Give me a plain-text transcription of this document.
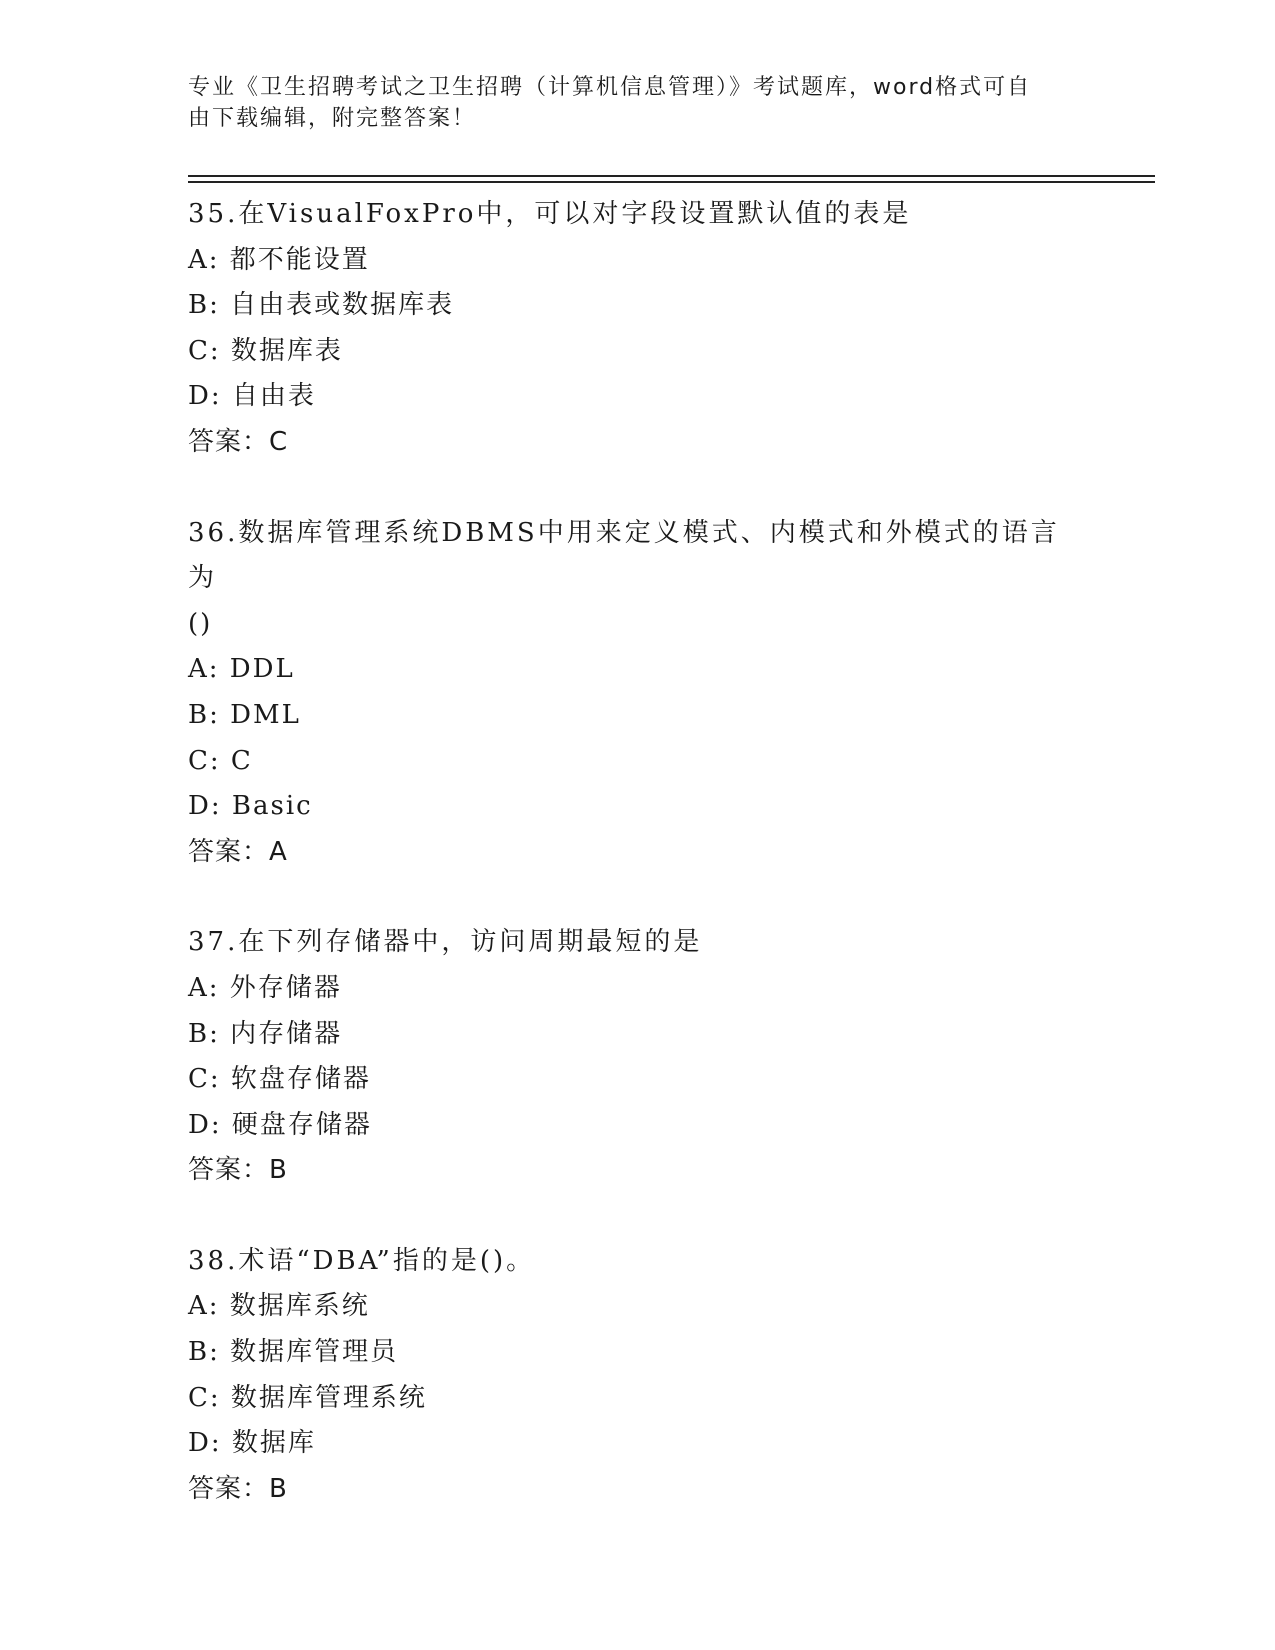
专业《卫生招聘考试之卫生招聘（计算机信息管理）》考试题库，word格式可自
由下载编辑，附完整答案！
35.在VisualFoxPro中，可以对字段设置默认值的表是
A: 都不能设置
B: 自由表或数据库表
C: 数据库表
D: 自由表
答案：C
36.数据库管理系统DBMS中用来定义模式、内模式和外模式的语言为
()
A: DDL
B: DML
C: C
D: Basic
答案：A
37.在下列存储器中，访问周期最短的是
A: 外存储器
B: 内存储器
C: 软盘存储器
D: 硬盘存储器
答案：B
38.术语“DBA”指的是()。
A: 数据库系统
B: 数据库管理员
C: 数据库管理系统
D: 数据库
答案：B
